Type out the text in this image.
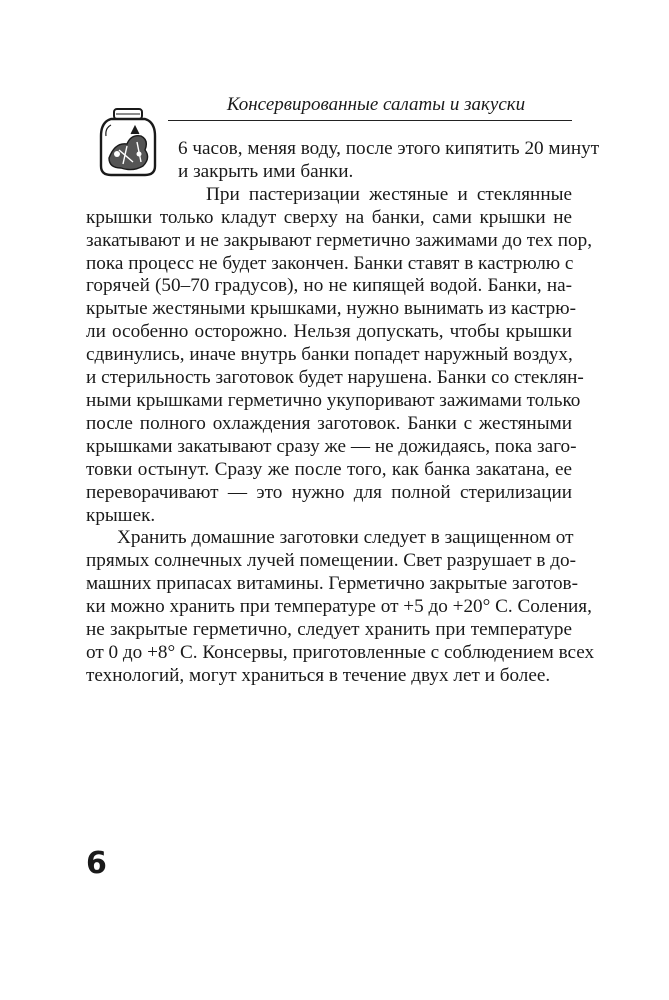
Консервированные салаты и закуски
6 часов, меняя воду, после этого кипятить 20 минут
и закрыть ими банки.
При пастеризации жестяные и стеклянные
крышки только кладут сверху на банки, сами крышки не
закатывают и не закрывают герметично зажимами до тех пор,
пока процесс не будет закончен. Банки ставят в кастрюлю с
горячей (50–70 градусов), но не кипящей водой. Банки, на-
крытые жестяными крышками, нужно вынимать из кастрю-
ли особенно осторожно. Нельзя допускать, чтобы крышки
сдвинулись, иначе внутрь банки попадет наружный воздух,
и стерильность заготовок будет нарушена. Банки со стеклян-
ными крышками герметично укупоривают зажимами только
после полного охлаждения заготовок. Банки с жестяными
крышками закатывают сразу же — не дожидаясь, пока заго-
товки остынут. Сразу же после того, как банка закатана, ее
переворачивают — это нужно для полной стерилизации
крышек.
Хранить домашние заготовки следует в защищенном от
прямых солнечных лучей помещении. Свет разрушает в до-
машних припасах витамины. Герметично закрытые заготов-
ки можно хранить при температуре от +5 до +20° С. Соления,
не закрытые герметично, следует хранить при температуре
от 0 до +8° С. Консервы, приготовленные с соблюдением всех
технологий, могут храниться в течение двух лет и более.
6
